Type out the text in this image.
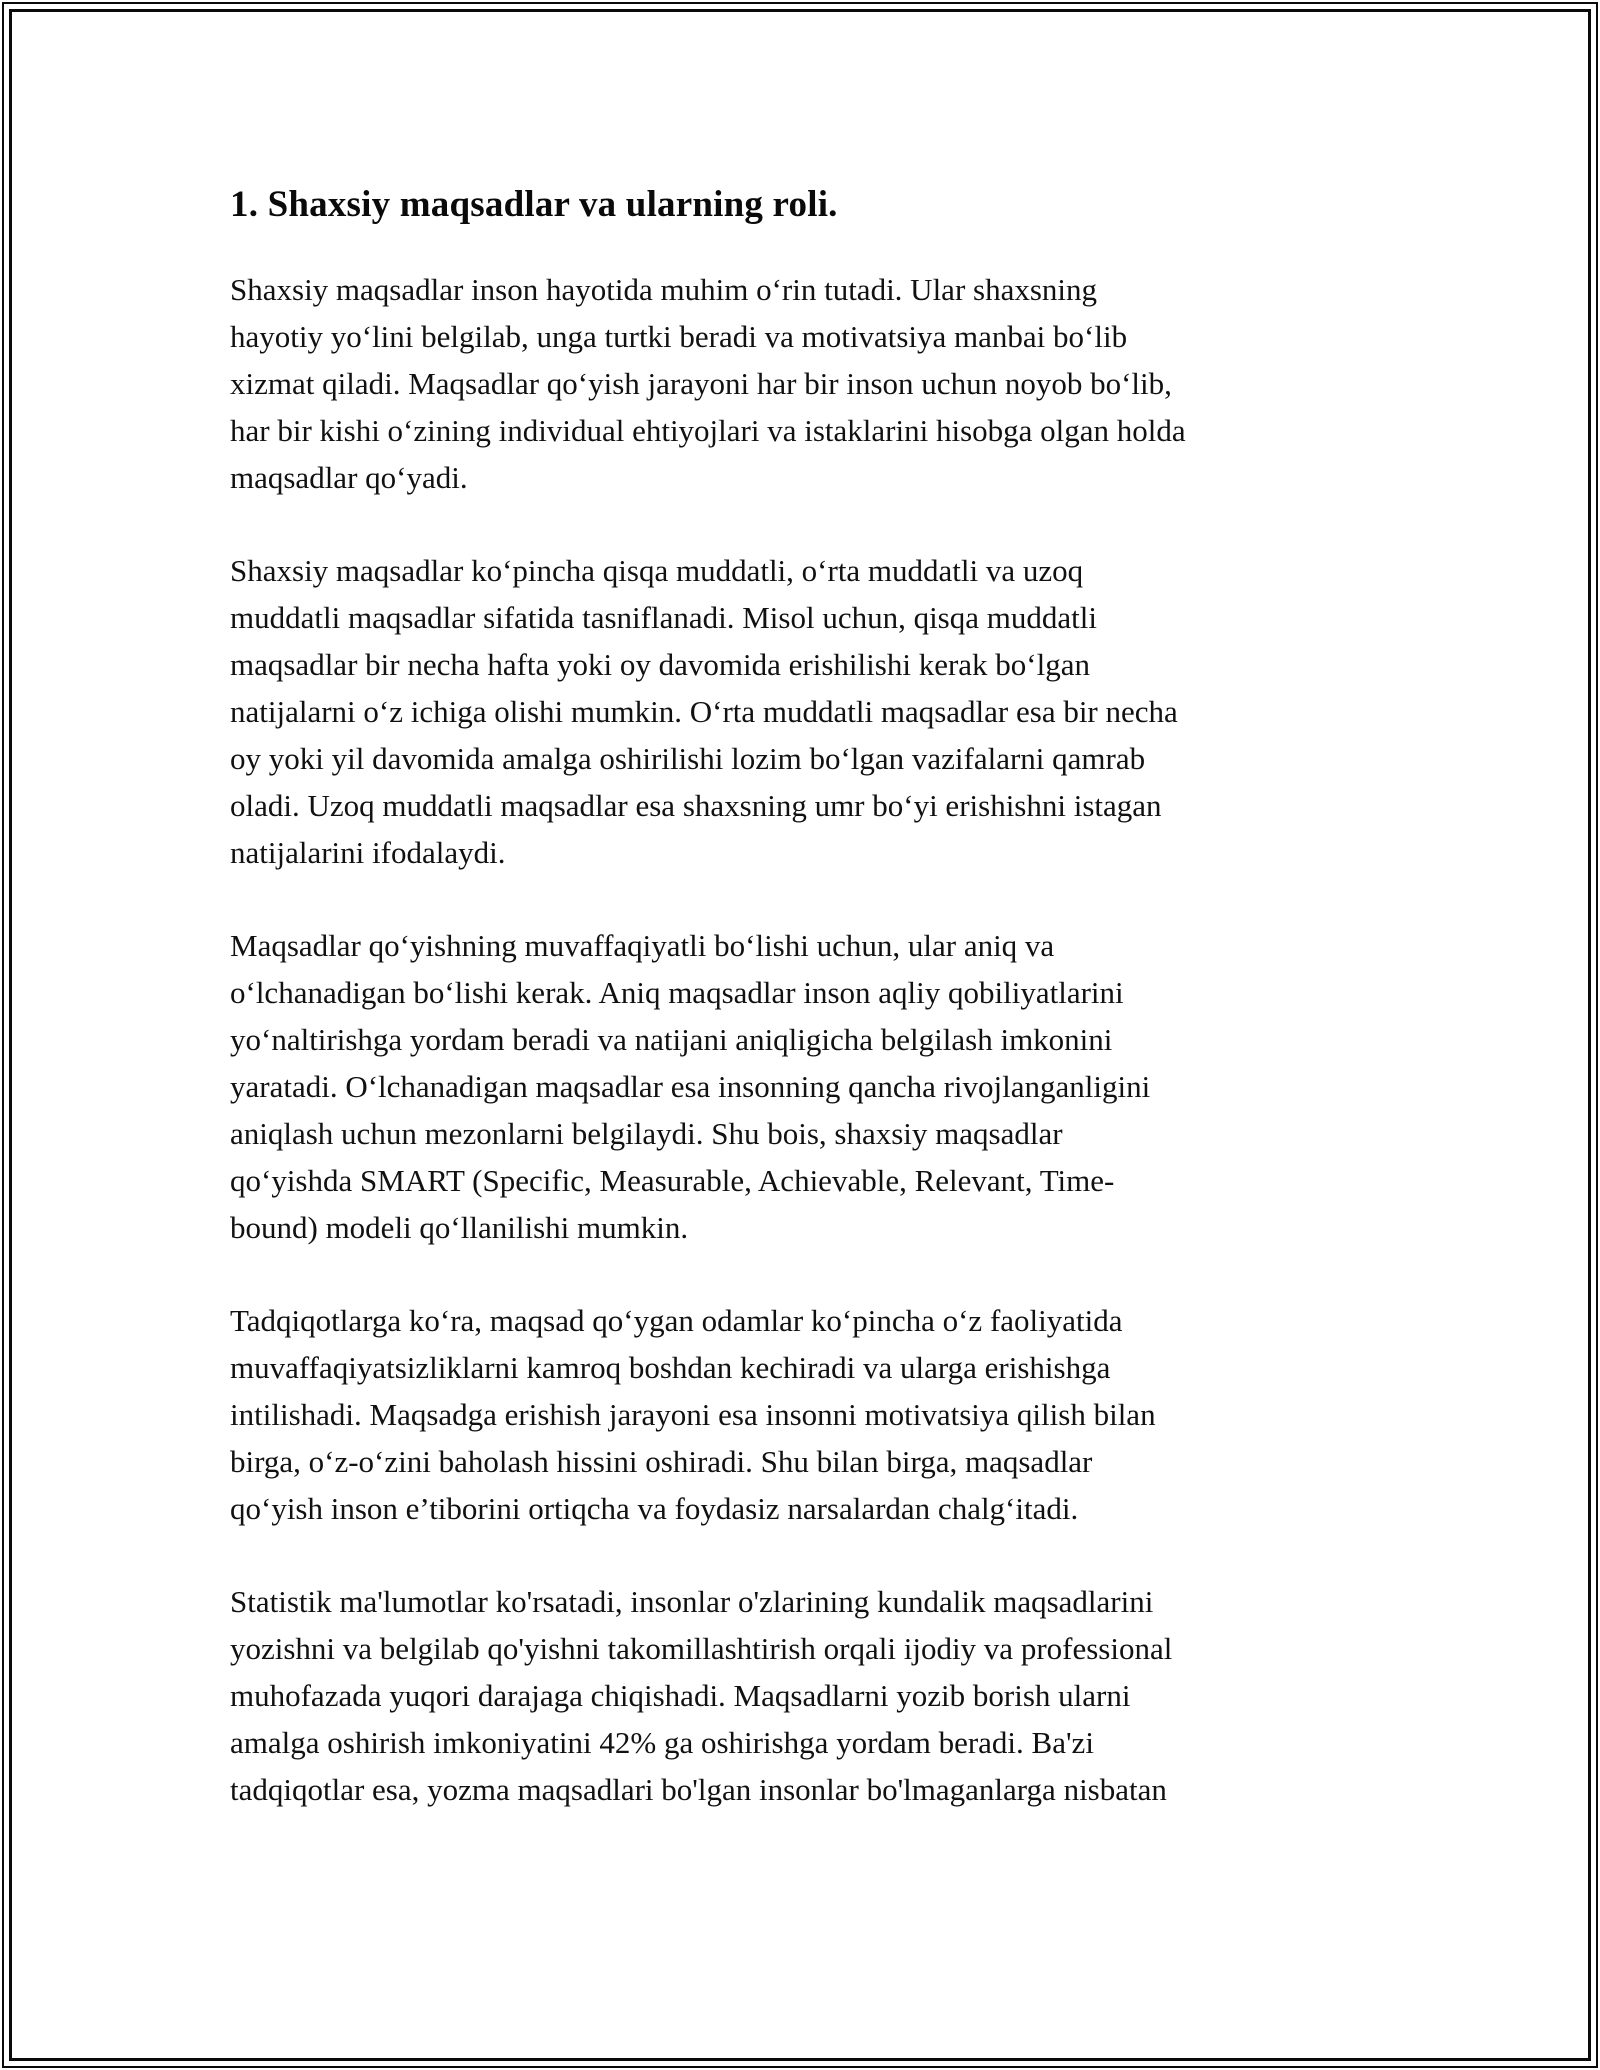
1. Shaxsiy maqsadlar va ularning roli.
Shaxsiy maqsadlar inson hayotida muhim o‘rin tutadi. Ular shaxsning
hayotiy yo‘lini belgilab, unga turtki beradi va motivatsiya manbai bo‘lib
xizmat qiladi. Maqsadlar qo‘yish jarayoni har bir inson uchun noyob bo‘lib,
har bir kishi o‘zining individual ehtiyojlari va istaklarini hisobga olgan holda
maqsadlar qo‘yadi.
Shaxsiy maqsadlar ko‘pincha qisqa muddatli, o‘rta muddatli va uzoq
muddatli maqsadlar sifatida tasniflanadi. Misol uchun, qisqa muddatli
maqsadlar bir necha hafta yoki oy davomida erishilishi kerak bo‘lgan
natijalarni o‘z ichiga olishi mumkin. O‘rta muddatli maqsadlar esa bir necha
oy yoki yil davomida amalga oshirilishi lozim bo‘lgan vazifalarni qamrab
oladi. Uzoq muddatli maqsadlar esa shaxsning umr bo‘yi erishishni istagan
natijalarini ifodalaydi.
Maqsadlar qo‘yishning muvaffaqiyatli bo‘lishi uchun, ular aniq va
o‘lchanadigan bo‘lishi kerak. Aniq maqsadlar inson aqliy qobiliyatlarini
yo‘naltirishga yordam beradi va natijani aniqligicha belgilash imkonini
yaratadi. O‘lchanadigan maqsadlar esa insonning qancha rivojlanganligini
aniqlash uchun mezonlarni belgilaydi. Shu bois, shaxsiy maqsadlar
qo‘yishda SMART (Specific, Measurable, Achievable, Relevant, Time-
bound) modeli qo‘llanilishi mumkin.
Tadqiqotlarga ko‘ra, maqsad qo‘ygan odamlar ko‘pincha o‘z faoliyatida
muvaffaqiyatsizliklarni kamroq boshdan kechiradi va ularga erishishga
intilishadi. Maqsadga erishish jarayoni esa insonni motivatsiya qilish bilan
birga, o‘z-o‘zini baholash hissini oshiradi. Shu bilan birga, maqsadlar
qo‘yish inson e’tiborini ortiqcha va foydasiz narsalardan chalg‘itadi.
Statistik ma'lumotlar ko'rsatadi, insonlar o'zlarining kundalik maqsadlarini
yozishni va belgilab qo'yishni takomillashtirish orqali ijodiy va professional
muhofazada yuqori darajaga chiqishadi. Maqsadlarni yozib borish ularni
amalga oshirish imkoniyatini 42% ga oshirishga yordam beradi. Ba'zi
tadqiqotlar esa, yozma maqsadlari bo'lgan insonlar bo'lmaganlarga nisbatan
